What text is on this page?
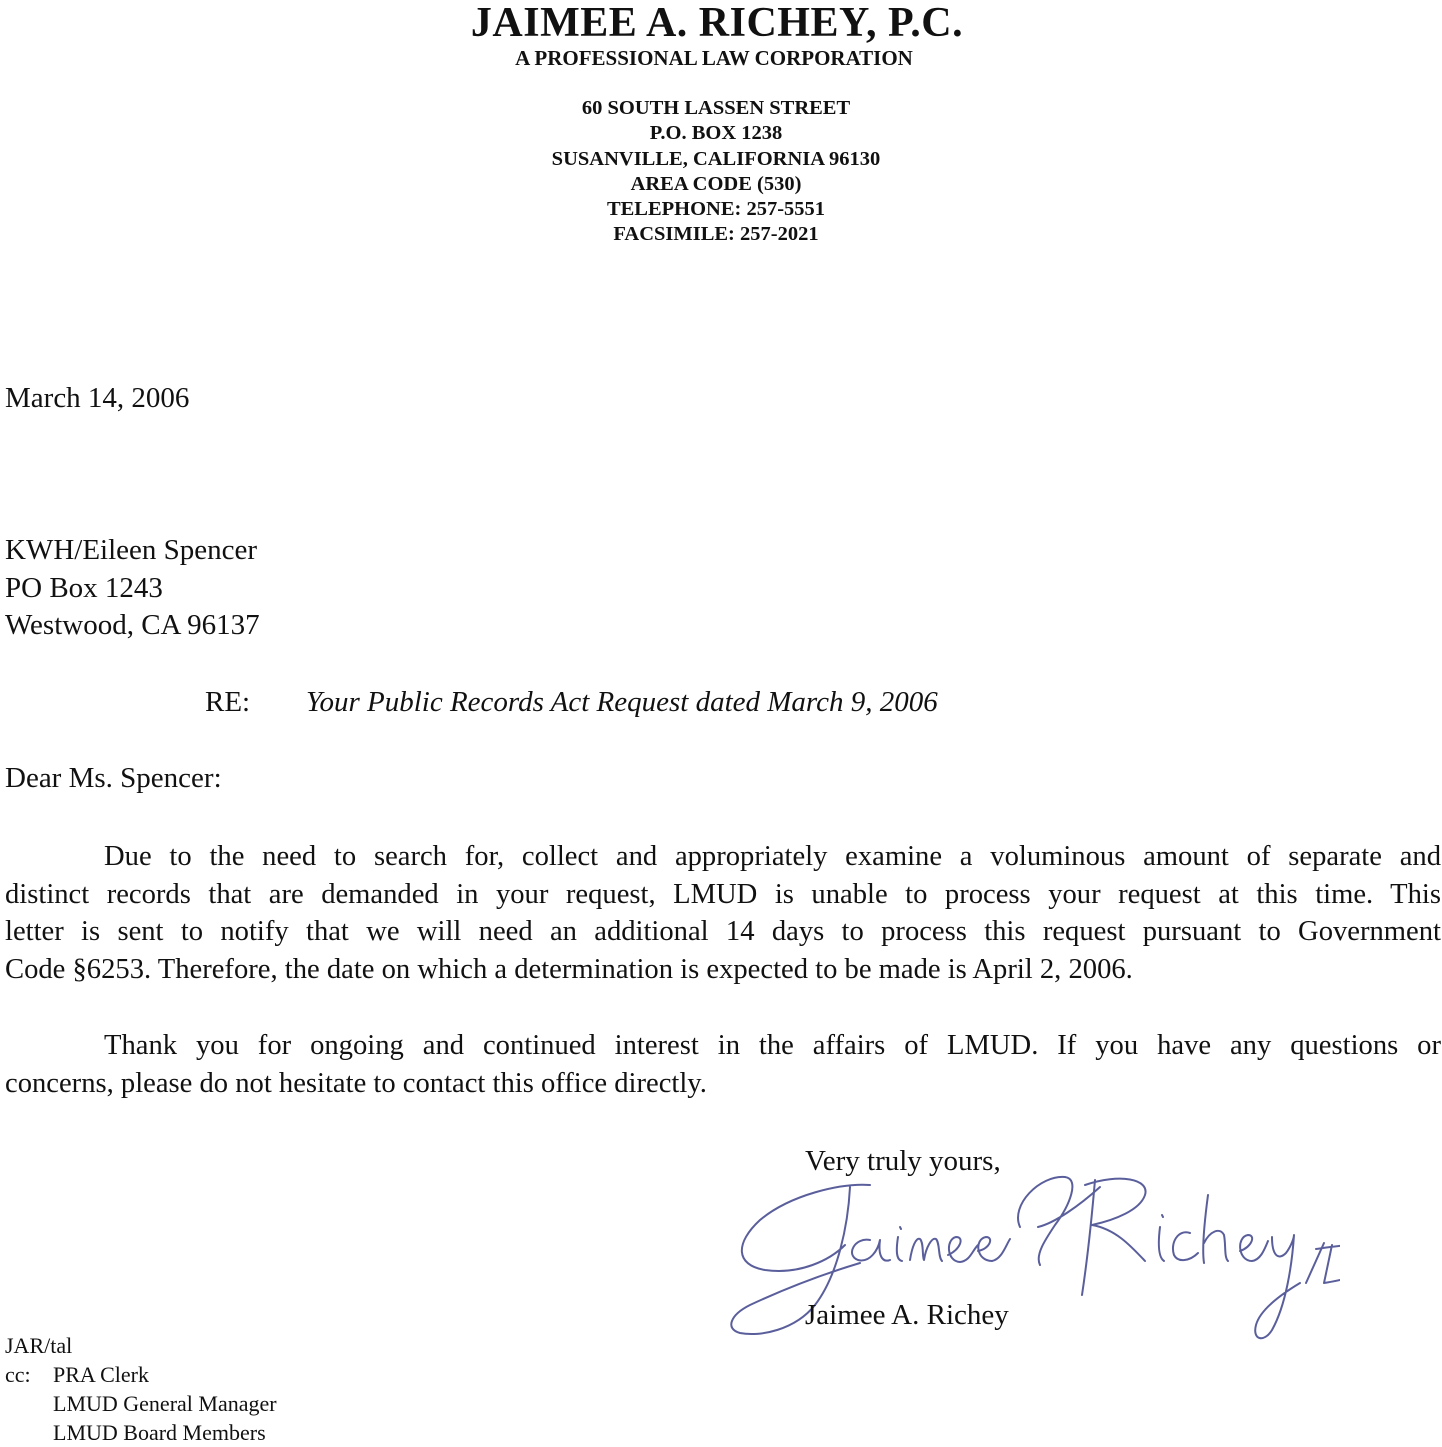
JAIMEE A. RICHEY, P.C.
A PROFESSIONAL LAW CORPORATION
60 SOUTH LASSEN STREET
P.O. BOX 1238
SUSANVILLE, CALIFORNIA 96130
AREA CODE (530)
TELEPHONE: 257-5551
FACSIMILE: 257-2021
March 14, 2006
KWH/Eileen Spencer
PO Box 1243
Westwood, CA 96137
RE: Your Public Records Act Request dated March 9, 2006
Dear Ms. Spencer:
Due to the need to search for, collect and appropriately examine a voluminous amount of separate and
distinct records that are demanded in your request, LMUD is unable to process your request at this time. This
letter is sent to notify that we will need an additional 14 days to process this request pursuant to Government
Code §6253. Therefore, the date on which a determination is expected to be made is April 2, 2006.
Thank you for ongoing and continued interest in the affairs of LMUD. If you have any questions or
concerns, please do not hesitate to contact this office directly.
Very truly yours,
Jaimee A. Richey
JAR/tal
cc: PRA Clerk
LMUD General Manager
LMUD Board Members
